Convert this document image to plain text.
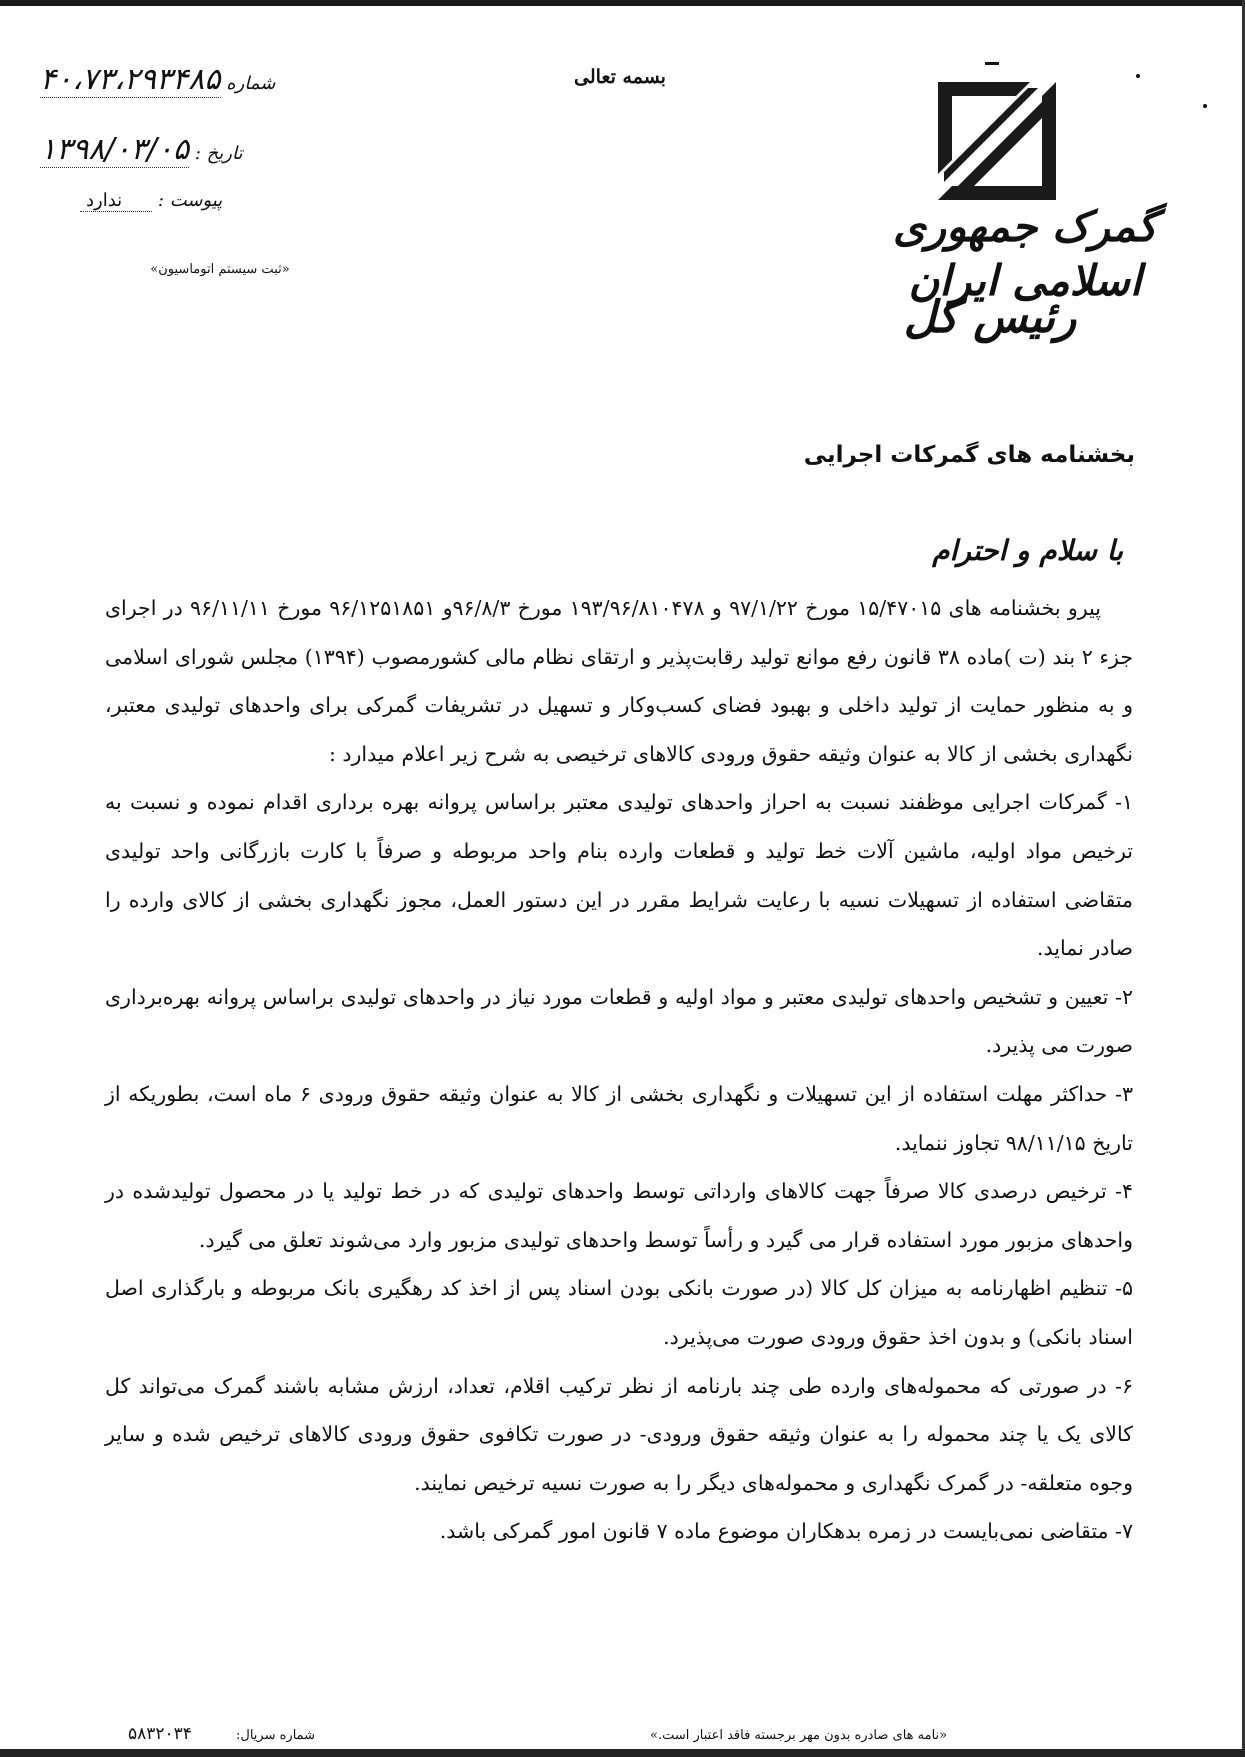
بسمه تعالی
گمرک جمهوری اسلامی ایران
رئیس کل
شماره ۴۰،۷۳،۲۹۳۴۸۵
تاریخ : ۱۳۹۸/۰۳/۰۵
پیوست : ندارد
«ثبت سیستم اتوماسیون»
بخشنامه های گمرکات اجرایی
با سلام و احترام

پیرو بخشنامه های ۱۵/۴۷۰۱۵ مورخ ۹۷/۱/۲۲ و ۱۹۳/۹۶/۸۱۰۴۷۸ مورخ ۹۶/۸/۳و ۹۶/۱۲۵۱۸۵۱ مورخ ۹۶/۱۱/۱۱ در اجرای جزء ۲ بند (ت )ماده ۳۸ قانون رفع موانع تولید رقابت‌پذیر و ارتقای نظام مالی کشورمصوب (۱۳۹۴) مجلس شورای اسلامی و به منظور حمایت از تولید داخلی و بهبود فضای کسب‌وکار و تسهیل در تشریفات گمرکی برای واحدهای تولیدی معتبر، نگهداری بخشی از کالا به عنوان وثیقه حقوق ورودی کالاهای ترخیصی به شرح زیر اعلام میدارد :

۱- گمرکات اجرایی موظفند نسبت به احراز واحدهای تولیدی معتبر براساس پروانه بهره برداری اقدام نموده و نسبت به ترخیص مواد اولیه، ماشین آلات خط تولید و قطعات وارده بنام واحد مربوطه و صرفاً با کارت بازرگانی واحد تولیدی متقاضی استفاده از تسهیلات نسیه با رعایت شرایط مقرر در این دستور العمل، مجوز نگهداری بخشی از کالای وارده را صادر نماید.

۲- تعیین و تشخیص واحدهای تولیدی معتبر و مواد اولیه و قطعات مورد نیاز در واحدهای تولیدی براساس پروانه بهره‌برداری صورت می پذیرد.

۳- حداکثر مهلت استفاده از این تسهیلات و نگهداری بخشی از کالا به عنوان وثیقه حقوق ورودی ۶ ماه است، بطوریکه از تاریخ ۹۸/۱۱/۱۵ تجاوز ننماید.

۴- ترخیص درصدی کالا صرفاً جهت کالاهای وارداتی توسط واحدهای تولیدی که در خط تولید یا در محصول تولیدشده در واحدهای مزبور مورد استفاده قرار می گیرد و رأساً توسط واحدهای تولیدی مزبور وارد می‌شوند تعلق می گیرد.

۵- تنظیم اظهارنامه به میزان کل کالا (در صورت بانکی بودن اسناد پس از اخذ کد رهگیری بانک مربوطه و بارگذاری اصل اسناد بانکی) و بدون اخذ حقوق ورودی صورت می‌پذیرد.

۶- در صورتی که محموله‌های وارده طی چند بارنامه از نظر ترکیب اقلام، تعداد، ارزش مشابه باشند گمرک می‌تواند کل کالای یک یا چند محموله را به عنوان وثیقه حقوق ورودی- در صورت تکافوی حقوق ورودی کالاهای ترخیص شده و سایر وجوه متعلقه- در گمرک نگهداری و محموله‌های دیگر را به صورت نسیه ترخیص نمایند.

۷- متقاضی نمی‌بایست در زمره بدهکاران موضوع ماده ۷ قانون امور گمرکی باشد.

«نامه های صادره بدون مهر برجسته فاقد اعتبار است.»
شماره سریال:
۵۸۳۲۰۳۴
